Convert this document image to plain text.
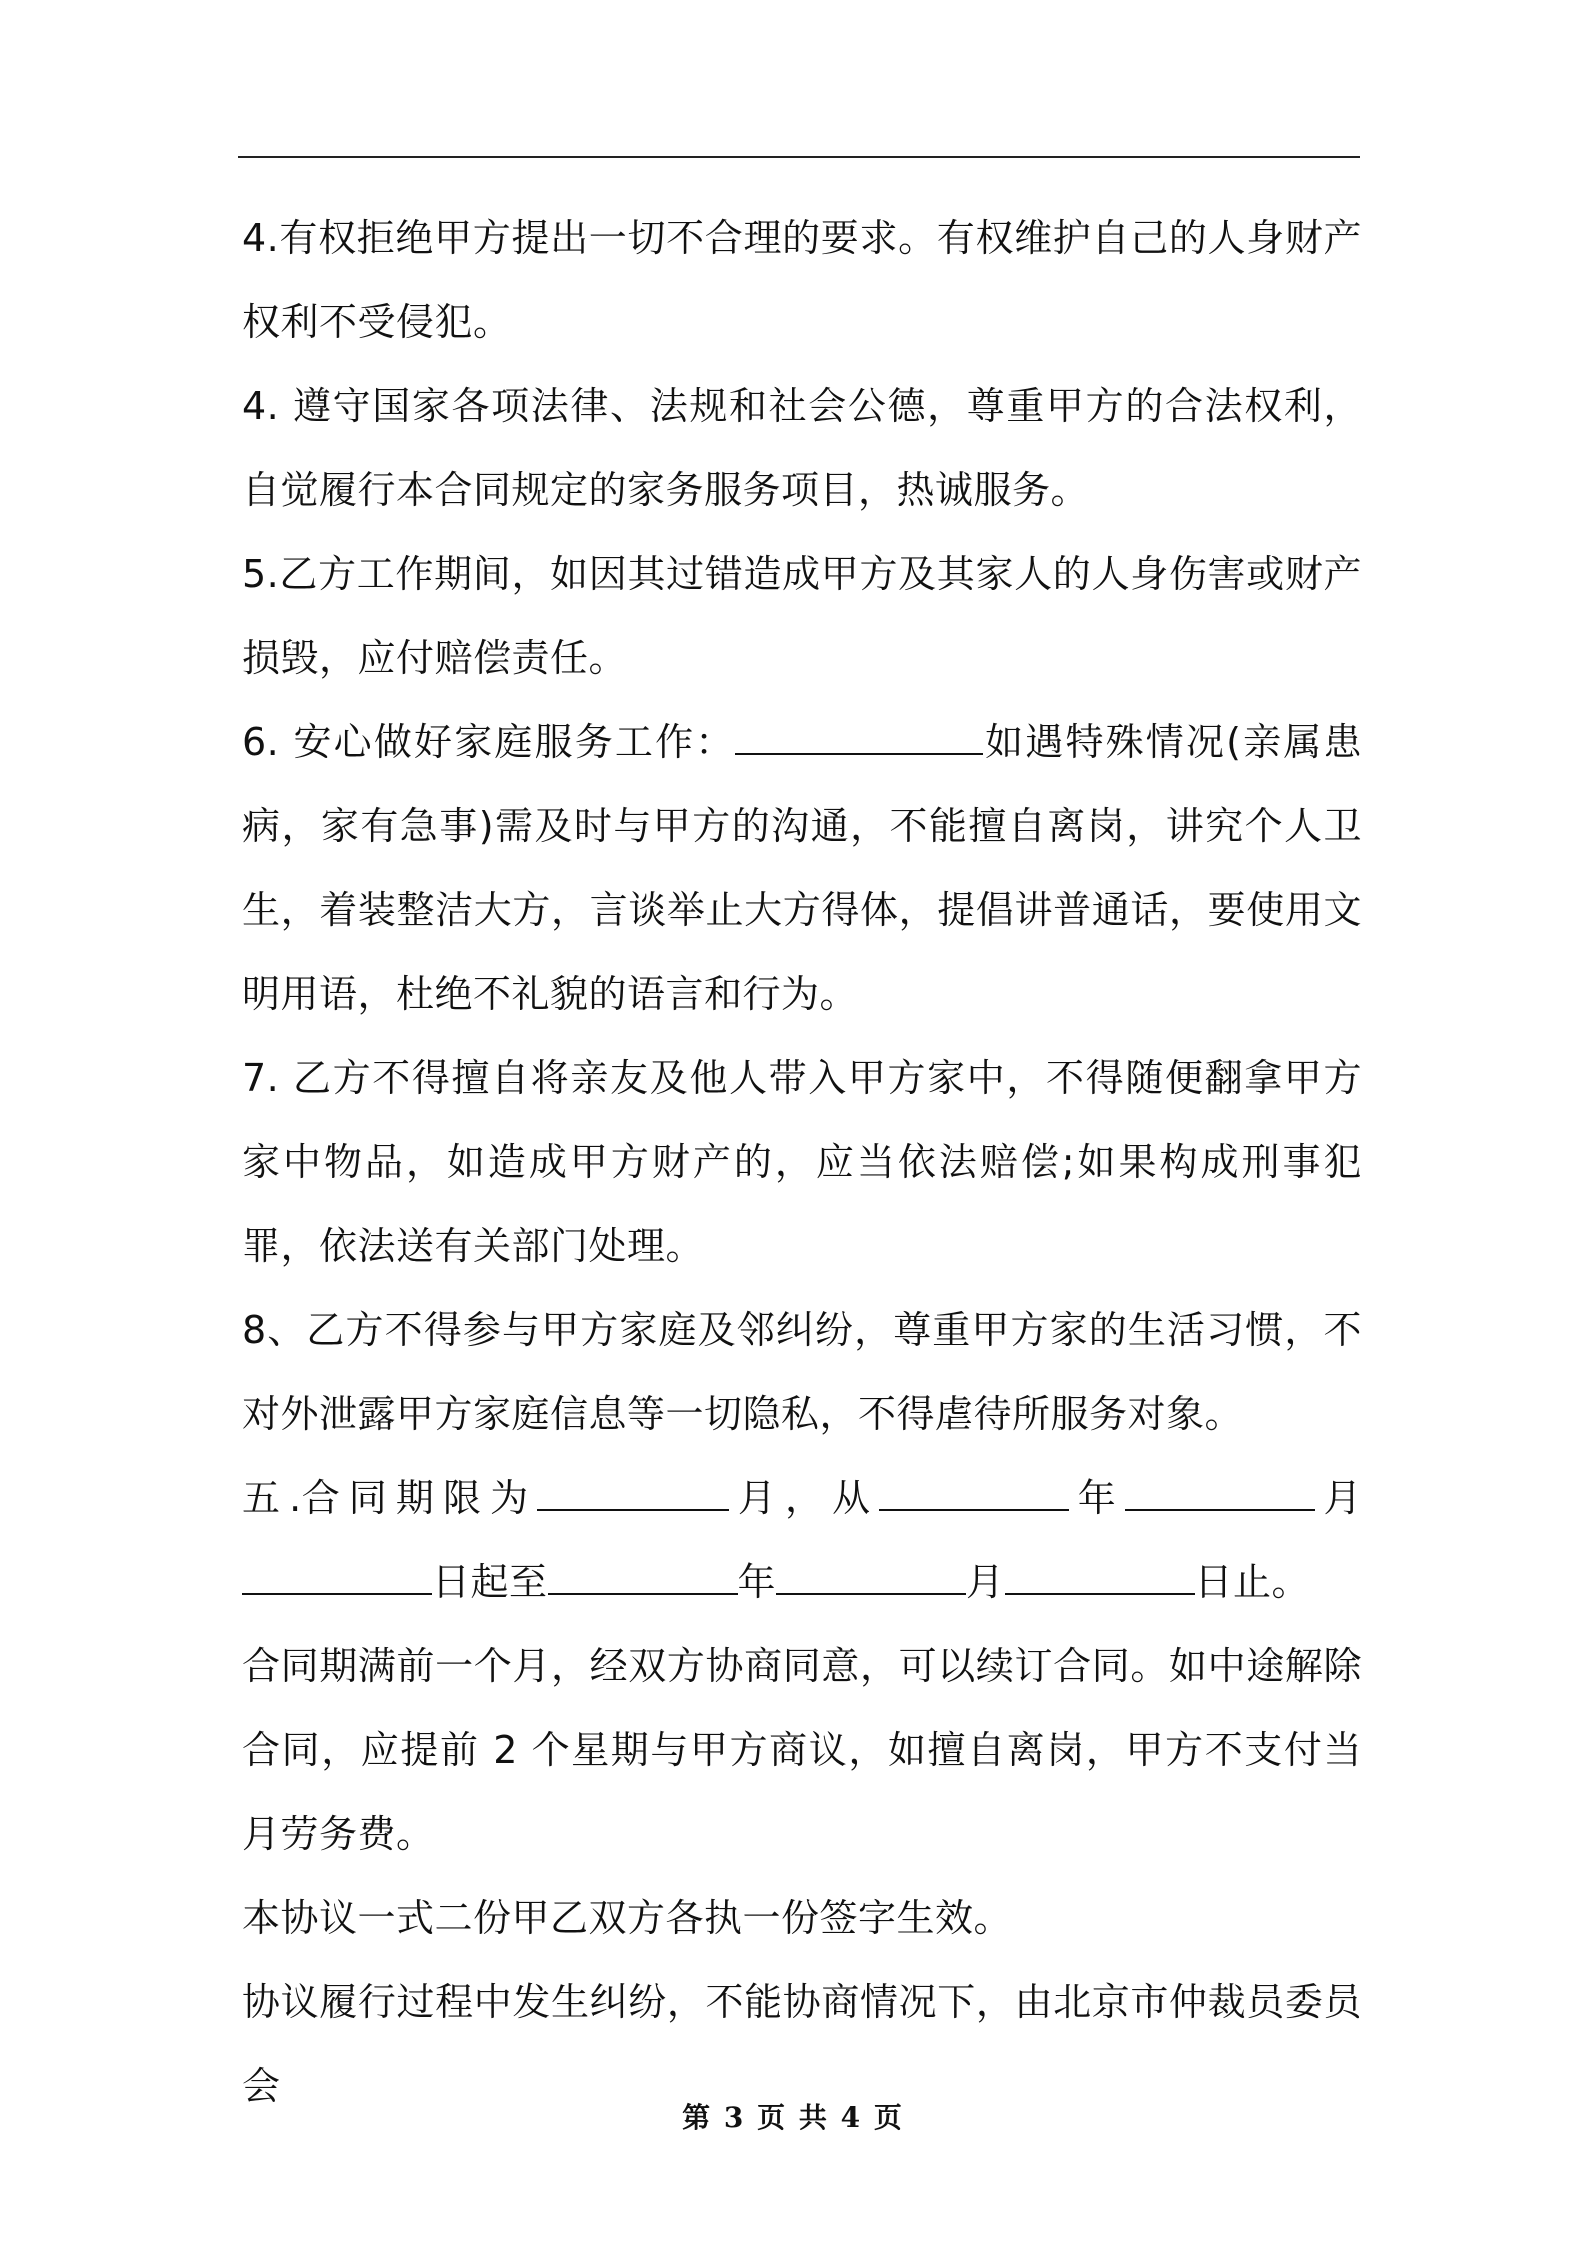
4.有权拒绝甲方提出一切不合理的要求。有权维护自己的人身财产权利不受侵犯。

4. 遵守国家各项法律、法规和社会公德，尊重甲方的合法权利，自觉履行本合同规定的家务服务项目，热诚服务。

5.乙方工作期间，如因其过错造成甲方及其家人的人身伤害或财产损毁，应付赔偿责任。

6. 安心做好家庭服务工作：	如遇特殊情况(亲属患病，家有急事)需及时与甲方的沟通，不能擅自离岗，讲究个人卫生，着装整洁大方，言谈举止大方得体，提倡讲普通话，要使用文明用语，杜绝不礼貌的语言和行为。

7. 乙方不得擅自将亲友及他人带入甲方家中，不得随便翻拿甲方家中物品，如造成甲方财产的，应当依法赔偿;如果构成刑事犯罪，依法送有关部门处理。

8、乙方不得参与甲方家庭及邻纠纷，尊重甲方家的生活习惯，不对外泄露甲方家庭信息等一切隐私，不得虐待所服务对象。

五 .合 同 期 限 为	月 ， 从	年	月
日起至	年	月	日止。

合同期满前一个月，经双方协商同意，可以续订合同。如中途解除合同，应提前 2 个星期与甲方商议，如擅自离岗，甲方不支付当月劳务费。

本协议一式二份甲乙双方各执一份签字生效。

协议履行过程中发生纠纷，不能协商情况下，由北京市仲裁员委员会

第 3 页 共 4 页
